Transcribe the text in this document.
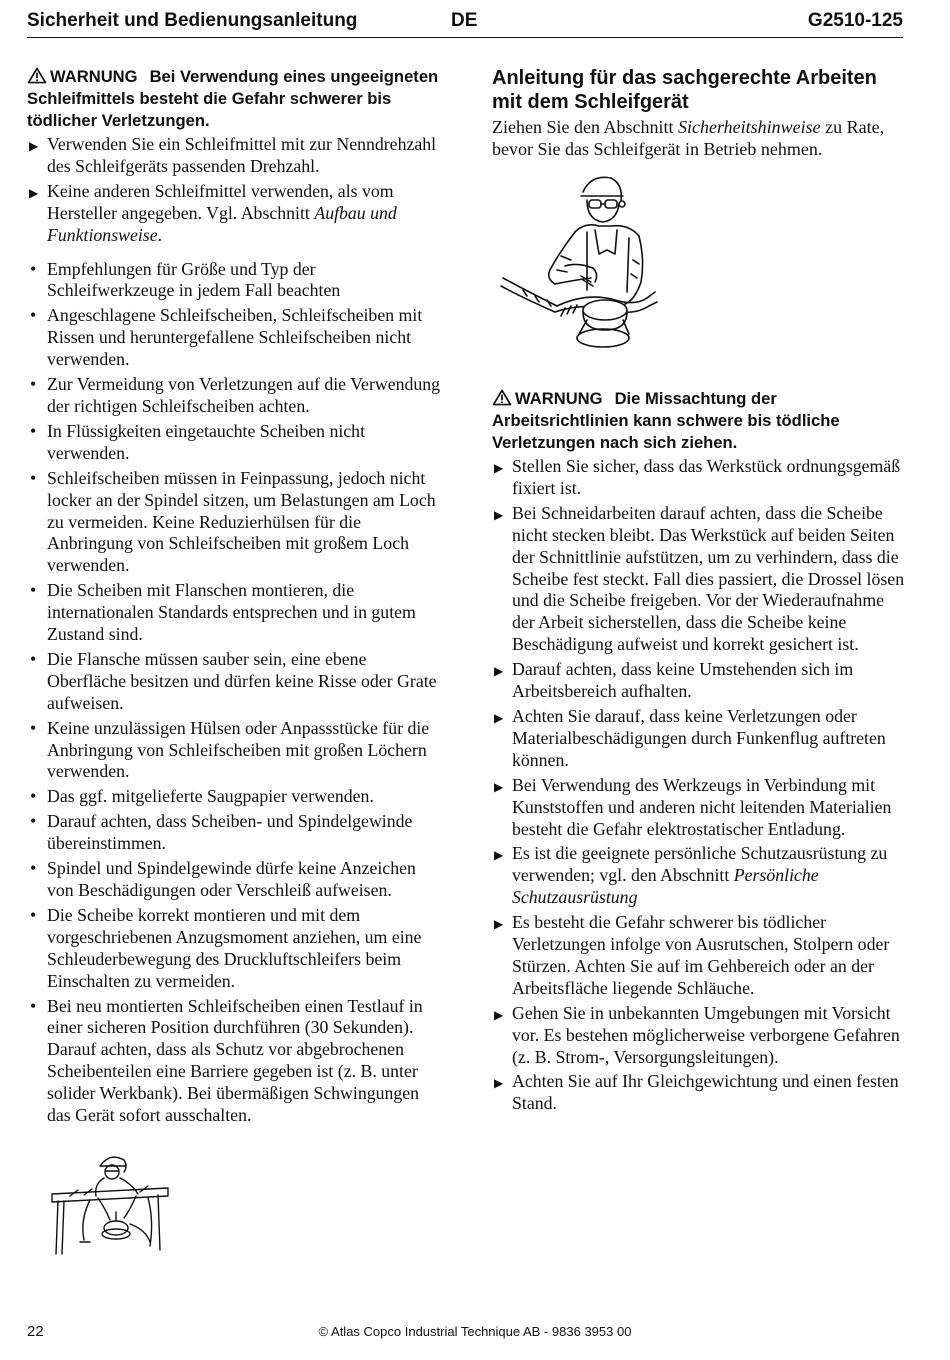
Sicherheit und Bedienungsanleitung	DE	G2510-125
WARNUNG Bei Verwendung eines ungeeigneten Schleifmittels besteht die Gefahr schwerer bis tödlicher Verletzungen.
▶ Verwenden Sie ein Schleifmittel mit zur Nenndrehzahl des Schleifgeräts passenden Drehzahl.
▶ Keine anderen Schleifmittel verwenden, als vom Hersteller angegeben. Vgl. Abschnitt Aufbau und Funktionsweise.
• Empfehlungen für Größe und Typ der Schleifwerkzeuge in jedem Fall beachten
• Angeschlagene Schleifscheiben, Schleifscheiben mit Rissen und heruntergefallene Schleifscheiben nicht verwenden.
• Zur Vermeidung von Verletzungen auf die Verwendung der richtigen Schleifscheiben achten.
• In Flüssigkeiten eingetauchte Scheiben nicht verwenden.
• Schleifscheiben müssen in Feinpassung, jedoch nicht locker an der Spindel sitzen, um Belastungen am Loch zu vermeiden. Keine Reduzierhülsen für die Anbringung von Schleifscheiben mit großem Loch verwenden.
• Die Scheiben mit Flanschen montieren, die internationalen Standards entsprechen und in gutem Zustand sind.
• Die Flansche müssen sauber sein, eine ebene Oberfläche besitzen und dürfen keine Risse oder Grate aufweisen.
• Keine unzulässigen Hülsen oder Anpassstücke für die Anbringung von Schleifscheiben mit großen Löchern verwenden.
• Das ggf. mitgelieferte Saugpapier verwenden.
• Darauf achten, dass Scheiben- und Spindelgewinde übereinstimmen.
• Spindel und Spindelgewinde dürfe keine Anzeichen von Beschädigungen oder Verschleiß aufweisen.
• Die Scheibe korrekt montieren und mit dem vorgeschriebenen Anzugsmoment anziehen, um eine Schleuderbewegung des Druckluftschleifers beim Einschalten zu vermeiden.
• Bei neu montierten Schleifscheiben einen Testlauf in einer sicheren Position durchführen (30 Sekunden). Darauf achten, dass als Schutz vor abgebrochenen Scheibenteilen eine Barriere gegeben ist (z. B. unter solider Werkbank). Bei übermäßigen Schwingungen das Gerät sofort ausschalten.
Anleitung für das sachgerechte Arbeiten mit dem Schleifgerät
Ziehen Sie den Abschnitt Sicherheitshinweise zu Rate, bevor Sie das Schleifgerät in Betrieb nehmen.
WARNUNG Die Missachtung der Arbeitsrichtlinien kann schwere bis tödliche Verletzungen nach sich ziehen.
▶ Stellen Sie sicher, dass das Werkstück ordnungsgemäß fixiert ist.
▶ Bei Schneidarbeiten darauf achten, dass die Scheibe nicht stecken bleibt. Das Werkstück auf beiden Seiten der Schnittlinie aufstützen, um zu verhindern, dass die Scheibe fest steckt. Fall dies passiert, die Drossel lösen und die Scheibe freigeben. Vor der Wiederaufnahme der Arbeit sicherstellen, dass die Scheibe keine Beschädigung aufweist und korrekt gesichert ist.
▶ Darauf achten, dass keine Umstehenden sich im Arbeitsbereich aufhalten.
▶ Achten Sie darauf, dass keine Verletzungen oder Materialbeschädigungen durch Funkenflug auftreten können.
▶ Bei Verwendung des Werkzeugs in Verbindung mit Kunststoffen und anderen nicht leitenden Materialien besteht die Gefahr elektrostatischer Entladung.
▶ Es ist die geeignete persönliche Schutzausrüstung zu verwenden; vgl. den Abschnitt Persönliche Schutzausrüstung
▶ Es besteht die Gefahr schwerer bis tödlicher Verletzungen infolge von Ausrutschen, Stolpern oder Stürzen. Achten Sie auf im Gehbereich oder an der Arbeitsfläche liegende Schläuche.
▶ Gehen Sie in unbekannten Umgebungen mit Vorsicht vor. Es bestehen möglicherweise verborgene Gefahren (z. B. Strom-, Versorgungsleitungen).
▶ Achten Sie auf Ihr Gleichgewichtung und einen festen Stand.
22	© Atlas Copco Industrial Technique AB - 9836 3953 00
